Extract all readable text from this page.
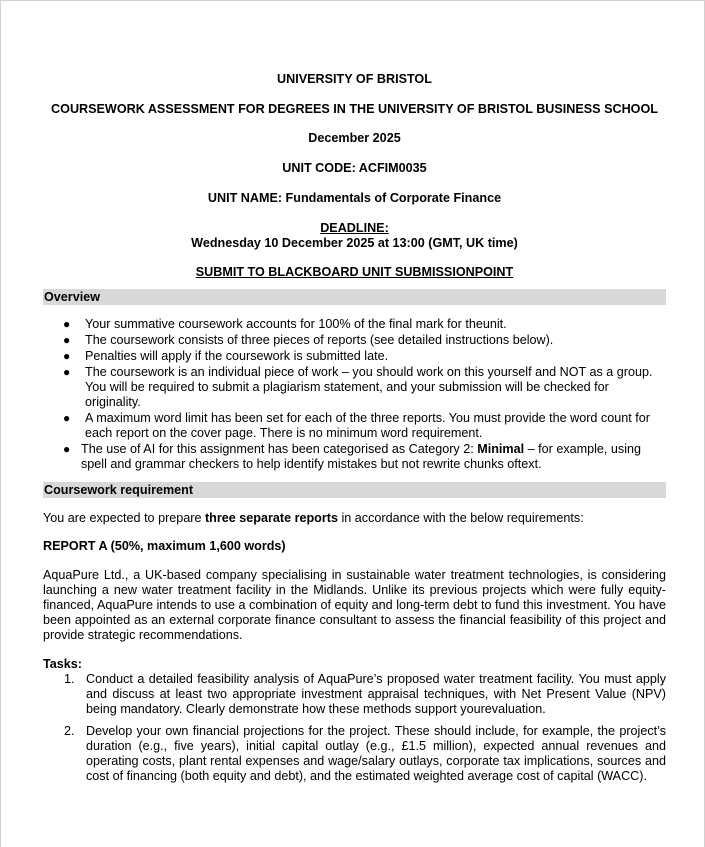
UNIVERSITY OF BRISTOL
COURSEWORK ASSESSMENT FOR DEGREES IN THE UNIVERSITY OF BRISTOL BUSINESS SCHOOL
December 2025
UNIT CODE: ACFIM0035
UNIT NAME: Fundamentals of Corporate Finance
DEADLINE:
Wednesday 10 December 2025 at 13:00 (GMT, UK time)
SUBMIT TO BLACKBOARD UNIT SUBMISSIONPOINT
Overview
● Your summative coursework accounts for 100% of the final mark for theunit.
● The coursework consists of three pieces of reports (see detailed instructions below).
● Penalties will apply if the coursework is submitted late.
● The coursework is an individual piece of work – you should work on this yourself and NOT as a group. You will be required to submit a plagiarism statement, and your submission will be checked for originality.
● A maximum word limit has been set for each of the three reports. You must provide the word count for each report on the cover page. There is no minimum word requirement.
● The use of AI for this assignment has been categorised as Category 2: Minimal – for example, using spell and grammar checkers to help identify mistakes but not rewrite chunks oftext.
Coursework requirement

You are expected to prepare three separate reports in accordance with the below requirements:

REPORT A (50%, maximum 1,600 words)

AquaPure Ltd., a UK-based company specialising in sustainable water treatment technologies, is considering launching a new water treatment facility in the Midlands. Unlike its previous projects which were fully equity-financed, AquaPure intends to use a combination of equity and long-term debt to fund this investment. You have been appointed as an external corporate finance consultant to assess the financial feasibility of this project and provide strategic recommendations.

Tasks:
1. Conduct a detailed feasibility analysis of AquaPure’s proposed water treatment facility. You must apply and discuss at least two appropriate investment appraisal techniques, with Net Present Value (NPV) being mandatory. Clearly demonstrate how these methods support yourevaluation.
2. Develop your own financial projections for the project. These should include, for example, the project’s duration (e.g., five years), initial capital outlay (e.g., £1.5 million), expected annual revenues and operating costs, plant rental expenses and wage/salary outlays, corporate tax implications, sources and cost of financing (both equity and debt), and the estimated weighted average cost of capital (WACC).
